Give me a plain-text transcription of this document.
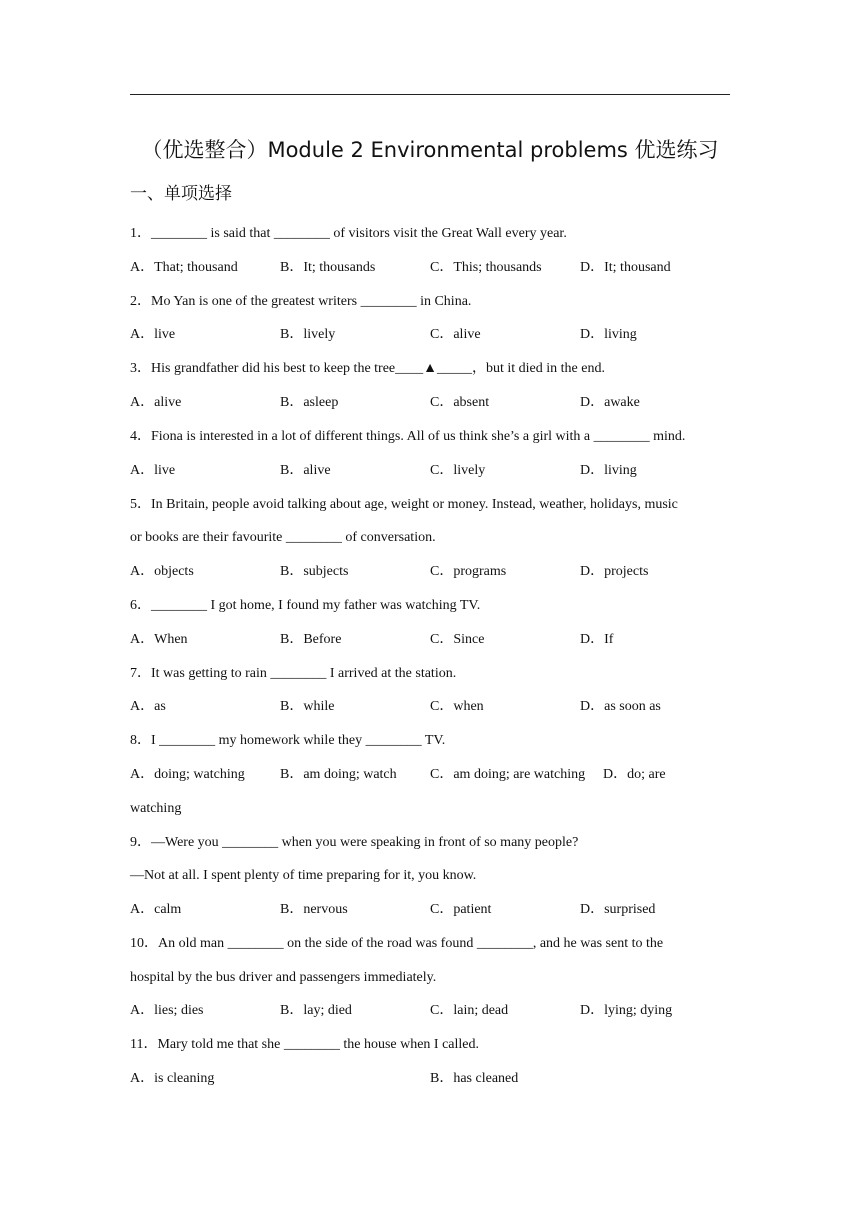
（优选整合）Module 2 Environmental problems 优选练习
一、单项选择
1．________ is said that ________ of visitors visit the Great Wall every year.
A．That; thousand	B．It; thousands	C．This; thousands	D．It; thousand
2．Mo Yan is one of the greatest writers ________ in China.
A．live	B．lively	C．alive	D．living
3．His grandfather did his best to keep the tree____▲_____，but it died in the end.
A．alive	B．asleep	C．absent	D．awake
4．Fiona is interested in a lot of different things. All of us think she’s a girl with a ________ mind.
A．live	B．alive	C．lively	D．living
5．In Britain, people avoid talking about age, weight or money. Instead, weather, holidays, music
or books are their favourite ________ of conversation.
A．objects	B．subjects	C．programs	D．projects
6．________ I got home, I found my father was watching TV.
A．When	B．Before	C．Since	D．If
7．It was getting to rain ________ I arrived at the station.
A．as	B．while	C．when	D．as soon as
8．I ________ my homework while they ________ TV.
A．doing; watching	B．am doing; watch C．am doing; are watching D．do; are
watching
9．—Were you ________ when you were speaking in front of so many people?
—Not at all. I spent plenty of time preparing for it, you know.
A．calm	B．nervous	C．patient	D．surprised
10．An old man ________ on the side of the road was found ________, and he was sent to the
hospital by the bus driver and passengers immediately.
A．lies; dies	B．lay; died	C．lain; dead	D．lying; dying
11．Mary told me that she ________ the house when I called.
A．is cleaning	B．has cleaned
